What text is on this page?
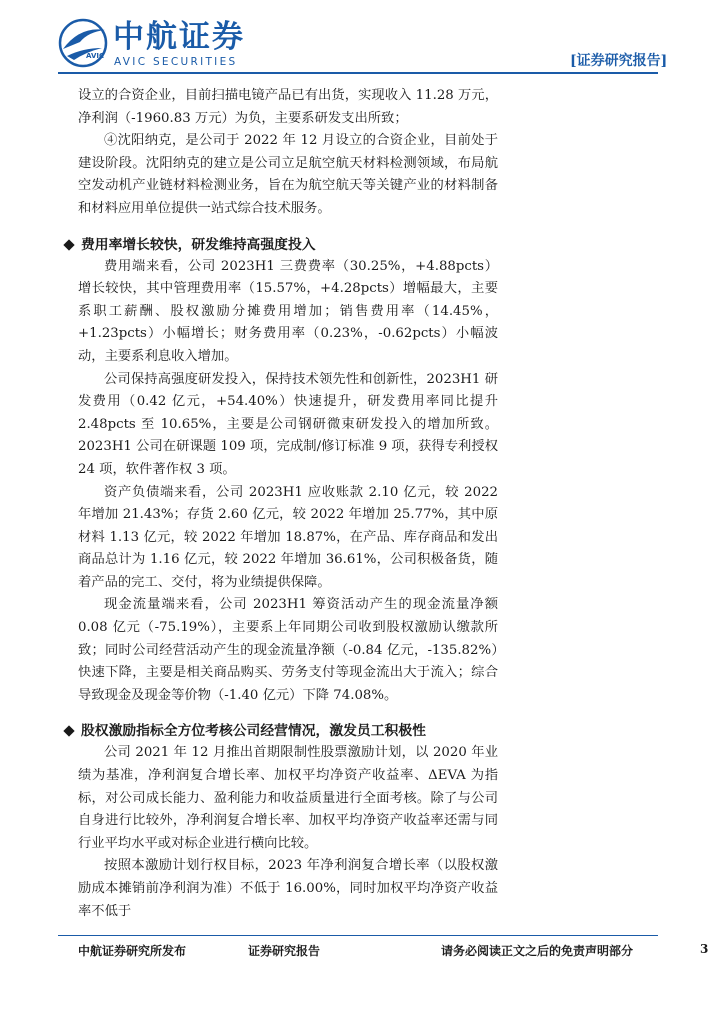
AVIC
中航证券
AVIC SECURITIES	[证券研究报告]

设立的合资企业，目前扫描电镜产品已有出货，实现收入 11.28 万元，净利润（-1960.83 万元）为负，主要系研发支出所致；

④沈阳纳克，是公司于 2022 年 12 月设立的合资企业，目前处于建设阶段。沈阳纳克的建立是公司立足航空航天材料检测领域，布局航空发动机产业链材料检测业务，旨在为航空航天等关键产业的材料制备和材料应用单位提供一站式综合技术服务。

费用率增长较快，研发维持高强度投入

费用端来看，公司 2023H1 三费费率（30.25%，+4.88pcts）增长较快，其中管理费用率（15.57%，+4.28pcts）增幅最大，主要系职工薪酬、股权激励分摊费用增加；销售费用率（14.45%，+1.23pcts）小幅增长；财务费用率（0.23%，-0.62pcts）小幅波动，主要系利息收入增加。

公司保持高强度研发投入，保持技术领先性和创新性，2023H1 研发费用（0.42 亿元，+54.40%）快速提升，研发费用率同比提升 2.48pcts 至 10.65%，主要是公司钢研微束研发投入的增加所致。2023H1 公司在研课题 109 项，完成制/修订标准 9 项，获得专利授权 24 项，软件著作权 3 项。

资产负债端来看，公司 2023H1 应收账款 2.10 亿元，较 2022 年增加 21.43%；存货 2.60 亿元，较 2022 年增加 25.77%，其中原材料 1.13 亿元，较 2022 年增加 18.87%，在产品、库存商品和发出商品总计为 1.16 亿元，较 2022 年增加 36.61%，公司积极备货，随着产品的完工、交付，将为业绩提供保障。

现金流量端来看，公司 2023H1 筹资活动产生的现金流量净额 0.08 亿元（-75.19%），主要系上年同期公司收到股权激励认缴款所致；同时公司经营活动产生的现金流量净额（-0.84 亿元，-135.82%）快速下降，主要是相关商品购买、劳务支付等现金流出大于流入；综合导致现金及现金等价物（-1.40 亿元）下降 74.08%。

股权激励指标全方位考核公司经营情况，激发员工积极性

公司 2021 年 12 月推出首期限制性股票激励计划，以 2020 年业绩为基准，净利润复合增长率、加权平均净资产收益率、ΔEVA 为指标，对公司成长能力、盈利能力和收益质量进行全面考核。除了与公司自身进行比较外，净利润复合增长率、加权平均净资产收益率还需与同行业平均水平或对标企业进行横向比较。

按照本激励计划行权目标，2023 年净利润复合增长率（以股权激励成本摊销前净利润为准）不低于 16.00%，同时加权平均净资产收益率不低于

中航证券研究所发布	证券研究报告	请务必阅读正文之后的免责声明部分	3
